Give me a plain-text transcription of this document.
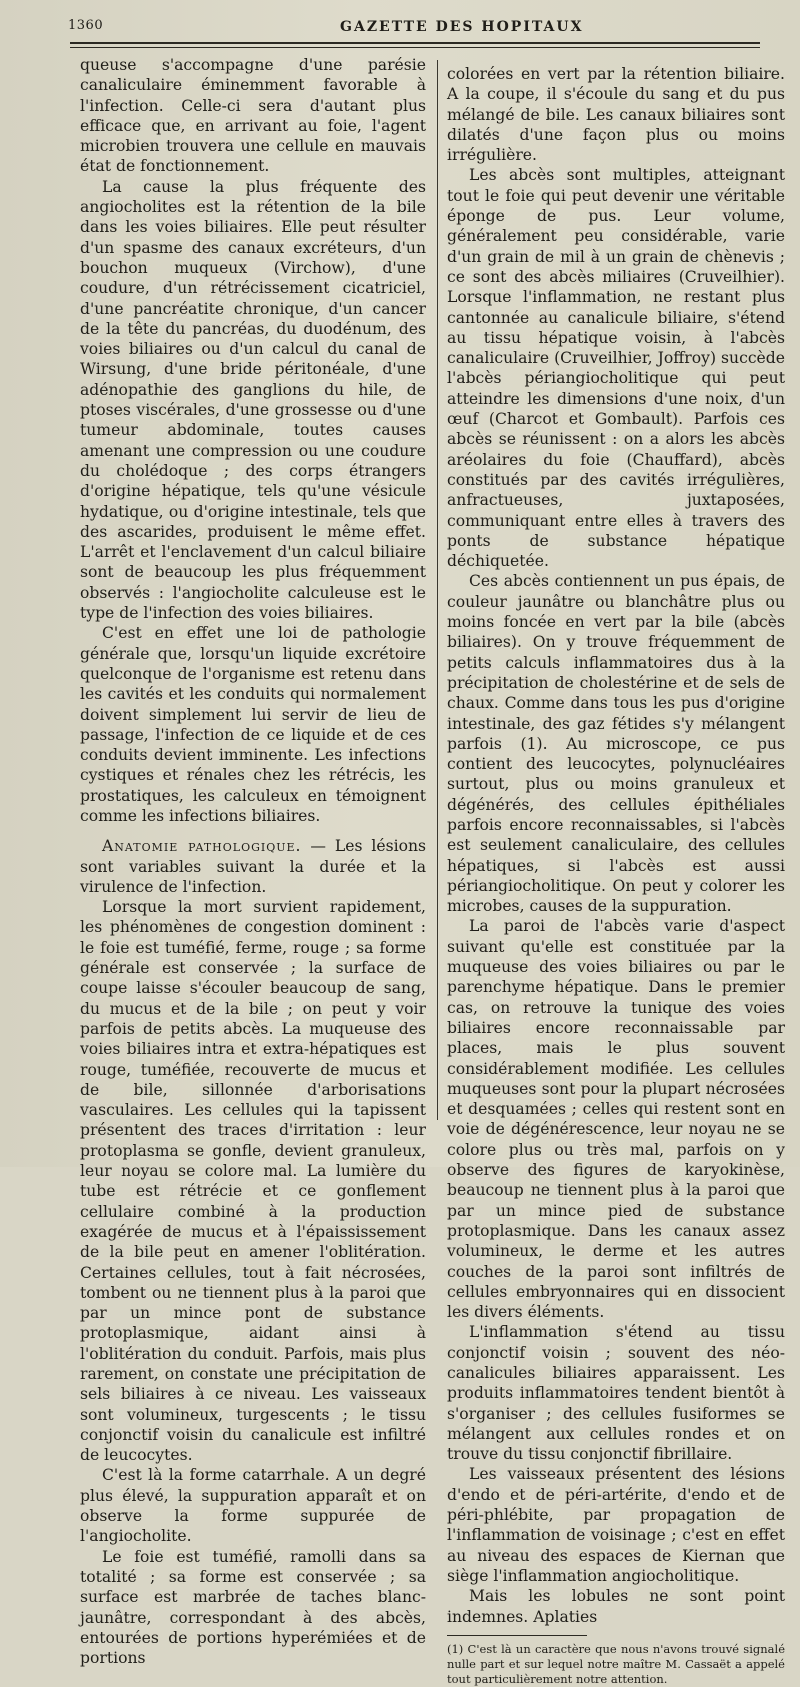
1360	GAZETTE DES HOPITAUX

queuse s'accompagne d'une parésie canaliculaire éminemment favorable à l'infection. Celle-ci sera d'autant plus efficace que, en arrivant au foie, l'agent microbien trouvera une cellule en mauvais état de fonctionnement.

La cause la plus fréquente des angiocholites est la rétention de la bile dans les voies biliaires. Elle peut résulter d'un spasme des canaux excréteurs, d'un bouchon muqueux (Virchow), d'une coudure, d'un rétrécissement cicatriciel, d'une pancréatite chronique, d'un cancer de la tête du pancréas, du duodénum, des voies biliaires ou d'un calcul du canal de Wirsung, d'une bride péritonéale, d'une adénopathie des ganglions du hile, de ptoses viscérales, d'une grossesse ou d'une tumeur abdominale, toutes causes amenant une compression ou une coudure du cholédoque ; des corps étrangers d'origine hépatique, tels qu'une vésicule hydatique, ou d'origine intestinale, tels que des ascarides, produisent le même effet. L'arrêt et l'enclavement d'un calcul biliaire sont de beaucoup les plus fréquemment observés : l'angiocholite calculeuse est le type de l'infection des voies biliaires.

C'est en effet une loi de pathologie générale que, lorsqu'un liquide excrétoire quelconque de l'organisme est retenu dans les cavités et les conduits qui normalement doivent simplement lui servir de lieu de passage, l'infection de ce liquide et de ces conduits devient imminente. Les infections cystiques et rénales chez les rétrécis, les prostatiques, les calculeux en témoignent comme les infections biliaires.

Anatomie pathologique. — Les lésions sont variables suivant la durée et la virulence de l'infection.

Lorsque la mort survient rapidement, les phénomènes de congestion dominent : le foie est tuméfié, ferme, rouge ; sa forme générale est conservée ; la surface de coupe laisse s'écouler beaucoup de sang, du mucus et de la bile ; on peut y voir parfois de petits abcès. La muqueuse des voies biliaires intra et extra-hépatiques est rouge, tuméfiée, recouverte de mucus et de bile, sillonnée d'arborisations vasculaires. Les cellules qui la tapissent présentent des traces d'irritation : leur protoplasma se gonfle, devient granuleux, leur noyau se colore mal. La lumière du tube est rétrécie et ce gonflement cellulaire combiné à la production exagérée de mucus et à l'épaississement de la bile peut en amener l'oblitération. Certaines cellules, tout à fait nécrosées, tombent ou ne tiennent plus à la paroi que par un mince pont de substance protoplasmique, aidant ainsi à l'oblitération du conduit. Parfois, mais plus rarement, on constate une précipitation de sels biliaires à ce niveau. Les vaisseaux sont volumineux, turgescents ; le tissu conjonctif voisin du canalicule est infiltré de leucocytes.

C'est là la forme catarrhale. A un degré plus élevé, la suppuration apparaît et on observe la forme suppurée de l'angiocholite.

Le foie est tuméfié, ramolli dans sa totalité ; sa forme est conservée ; sa surface est marbrée de taches blanc-jaunâtre, correspondant à des abcès, entourées de portions hyperémiées et de portions

colorées en vert par la rétention biliaire. A la coupe, il s'écoule du sang et du pus mélangé de bile. Les canaux biliaires sont dilatés d'une façon plus ou moins irrégulière.

Les abcès sont multiples, atteignant tout le foie qui peut devenir une véritable éponge de pus. Leur volume, généralement peu considérable, varie d'un grain de mil à un grain de chènevis ; ce sont des abcès miliaires (Cruveilhier). Lorsque l'inflammation, ne restant plus cantonnée au canalicule biliaire, s'étend au tissu hépatique voisin, à l'abcès canaliculaire (Cruveilhier, Joffroy) succède l'abcès périangiocholitique qui peut atteindre les dimensions d'une noix, d'un œuf (Charcot et Gombault). Parfois ces abcès se réunissent : on a alors les abcès aréolaires du foie (Chauffard), abcès constitués par des cavités irrégulières, anfractueuses, juxtaposées, communiquant entre elles à travers des ponts de substance hépatique déchiquetée.

Ces abcès contiennent un pus épais, de couleur jaunâtre ou blanchâtre plus ou moins foncée en vert par la bile (abcès biliaires). On y trouve fréquemment de petits calculs inflammatoires dus à la précipitation de cholestérine et de sels de chaux. Comme dans tous les pus d'origine intestinale, des gaz fétides s'y mélangent parfois (1). Au microscope, ce pus contient des leucocytes, polynucléaires surtout, plus ou moins granuleux et dégénérés, des cellules épithéliales parfois encore reconnaissables, si l'abcès est seulement canaliculaire, des cellules hépatiques, si l'abcès est aussi périangiocholitique. On peut y colorer les microbes, causes de la suppuration.

La paroi de l'abcès varie d'aspect suivant qu'elle est constituée par la muqueuse des voies biliaires ou par le parenchyme hépatique. Dans le premier cas, on retrouve la tunique des voies biliaires encore reconnaissable par places, mais le plus souvent considérablement modifiée. Les cellules muqueuses sont pour la plupart nécrosées et desquamées ; celles qui restent sont en voie de dégénérescence, leur noyau ne se colore plus ou très mal, parfois on y observe des figures de karyokinèse, beaucoup ne tiennent plus à la paroi que par un mince pied de substance protoplasmique. Dans les canaux assez volumineux, le derme et les autres couches de la paroi sont infiltrés de cellules embryonnaires qui en dissocient les divers éléments.

L'inflammation s'étend au tissu conjonctif voisin ; souvent des néo-canalicules biliaires apparaissent. Les produits inflammatoires tendent bientôt à s'organiser ; des cellules fusiformes se mélangent aux cellules rondes et on trouve du tissu conjonctif fibrillaire.

Les vaisseaux présentent des lésions d'endo et de péri-artérite, d'endo et de péri-phlébite, par propagation de l'inflammation de voisinage ; c'est en effet au niveau des espaces de Kiernan que siège l'inflammation angiocholitique.

Mais les lobules ne sont point indemnes. Aplaties

(1) C'est là un caractère que nous n'avons trouvé signalé nulle part et sur lequel notre maître M. Cassaët a appelé tout particulièrement notre attention.
